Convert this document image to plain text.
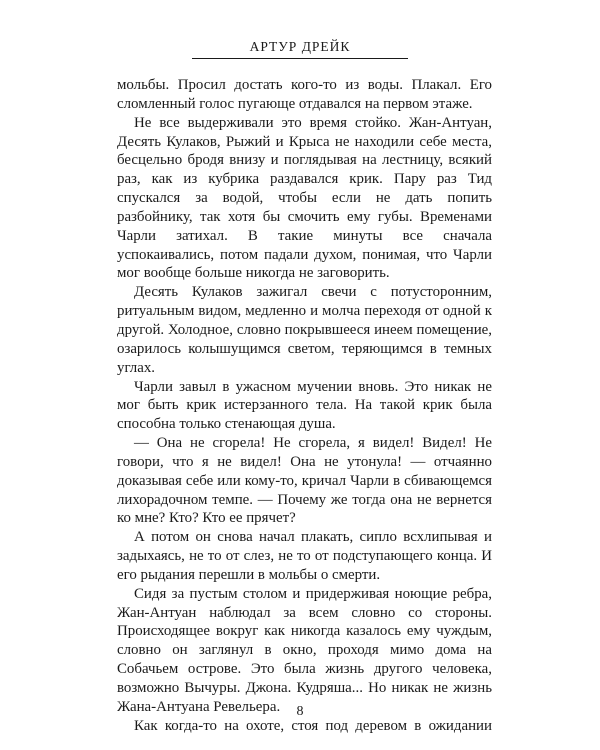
АРТУР ДРЕЙК

мольбы. Просил достать кого-то из воды. Плакал. Его сломленный голос пугающе отдавался на первом этаже.

Не все выдерживали это время стойко. Жан-Антуан, Десять Кулаков, Рыжий и Крыса не находили себе места, бесцельно бродя внизу и поглядывая на лестницу, всякий раз, как из кубрика раздавался крик. Пару раз Тид спускался за водой, чтобы если не дать попить разбойнику, так хотя бы смочить ему губы. Временами Чарли затихал. В такие минуты все сначала успокаивались, потом падали духом, понимая, что Чарли мог вообще больше никогда не заговорить.

Десять Кулаков зажигал свечи с потусторонним, ритуальным видом, медленно и молча переходя от одной к другой. Холодное, словно покрывшееся инеем помещение, озарилось колышущимся светом, теряющимся в темных углах.

Чарли завыл в ужасном мучении вновь. Это никак не мог быть крик истерзанного тела. На такой крик была способна только стенающая душа.

— Она не сгорела! Не сгорела, я видел! Видел! Не говори, что я не видел! Она не утонула! — отчаянно доказывая себе или кому-то, кричал Чарли в сбивающемся лихорадочном темпе. — Почему же тогда она не вернется ко мне? Кто? Кто ее прячет?

А потом он снова начал плакать, сипло всхлипывая и задыхаясь, не то от слез, не то от подступающего конца. И его рыдания перешли в мольбы о смерти.

Сидя за пустым столом и придерживая ноющие ребра, Жан-Антуан наблюдал за всем словно со стороны. Происходящее вокруг как никогда казалось ему чуждым, словно он заглянул в окно, проходя мимо дома на Собачьем острове. Это была жизнь другого человека, возможно Вычуры. Джона. Кудряша... Но никак не жизнь Жана-Антуана Ревельера.

Как когда-то на охоте, стоя под деревом в ожидании

8
